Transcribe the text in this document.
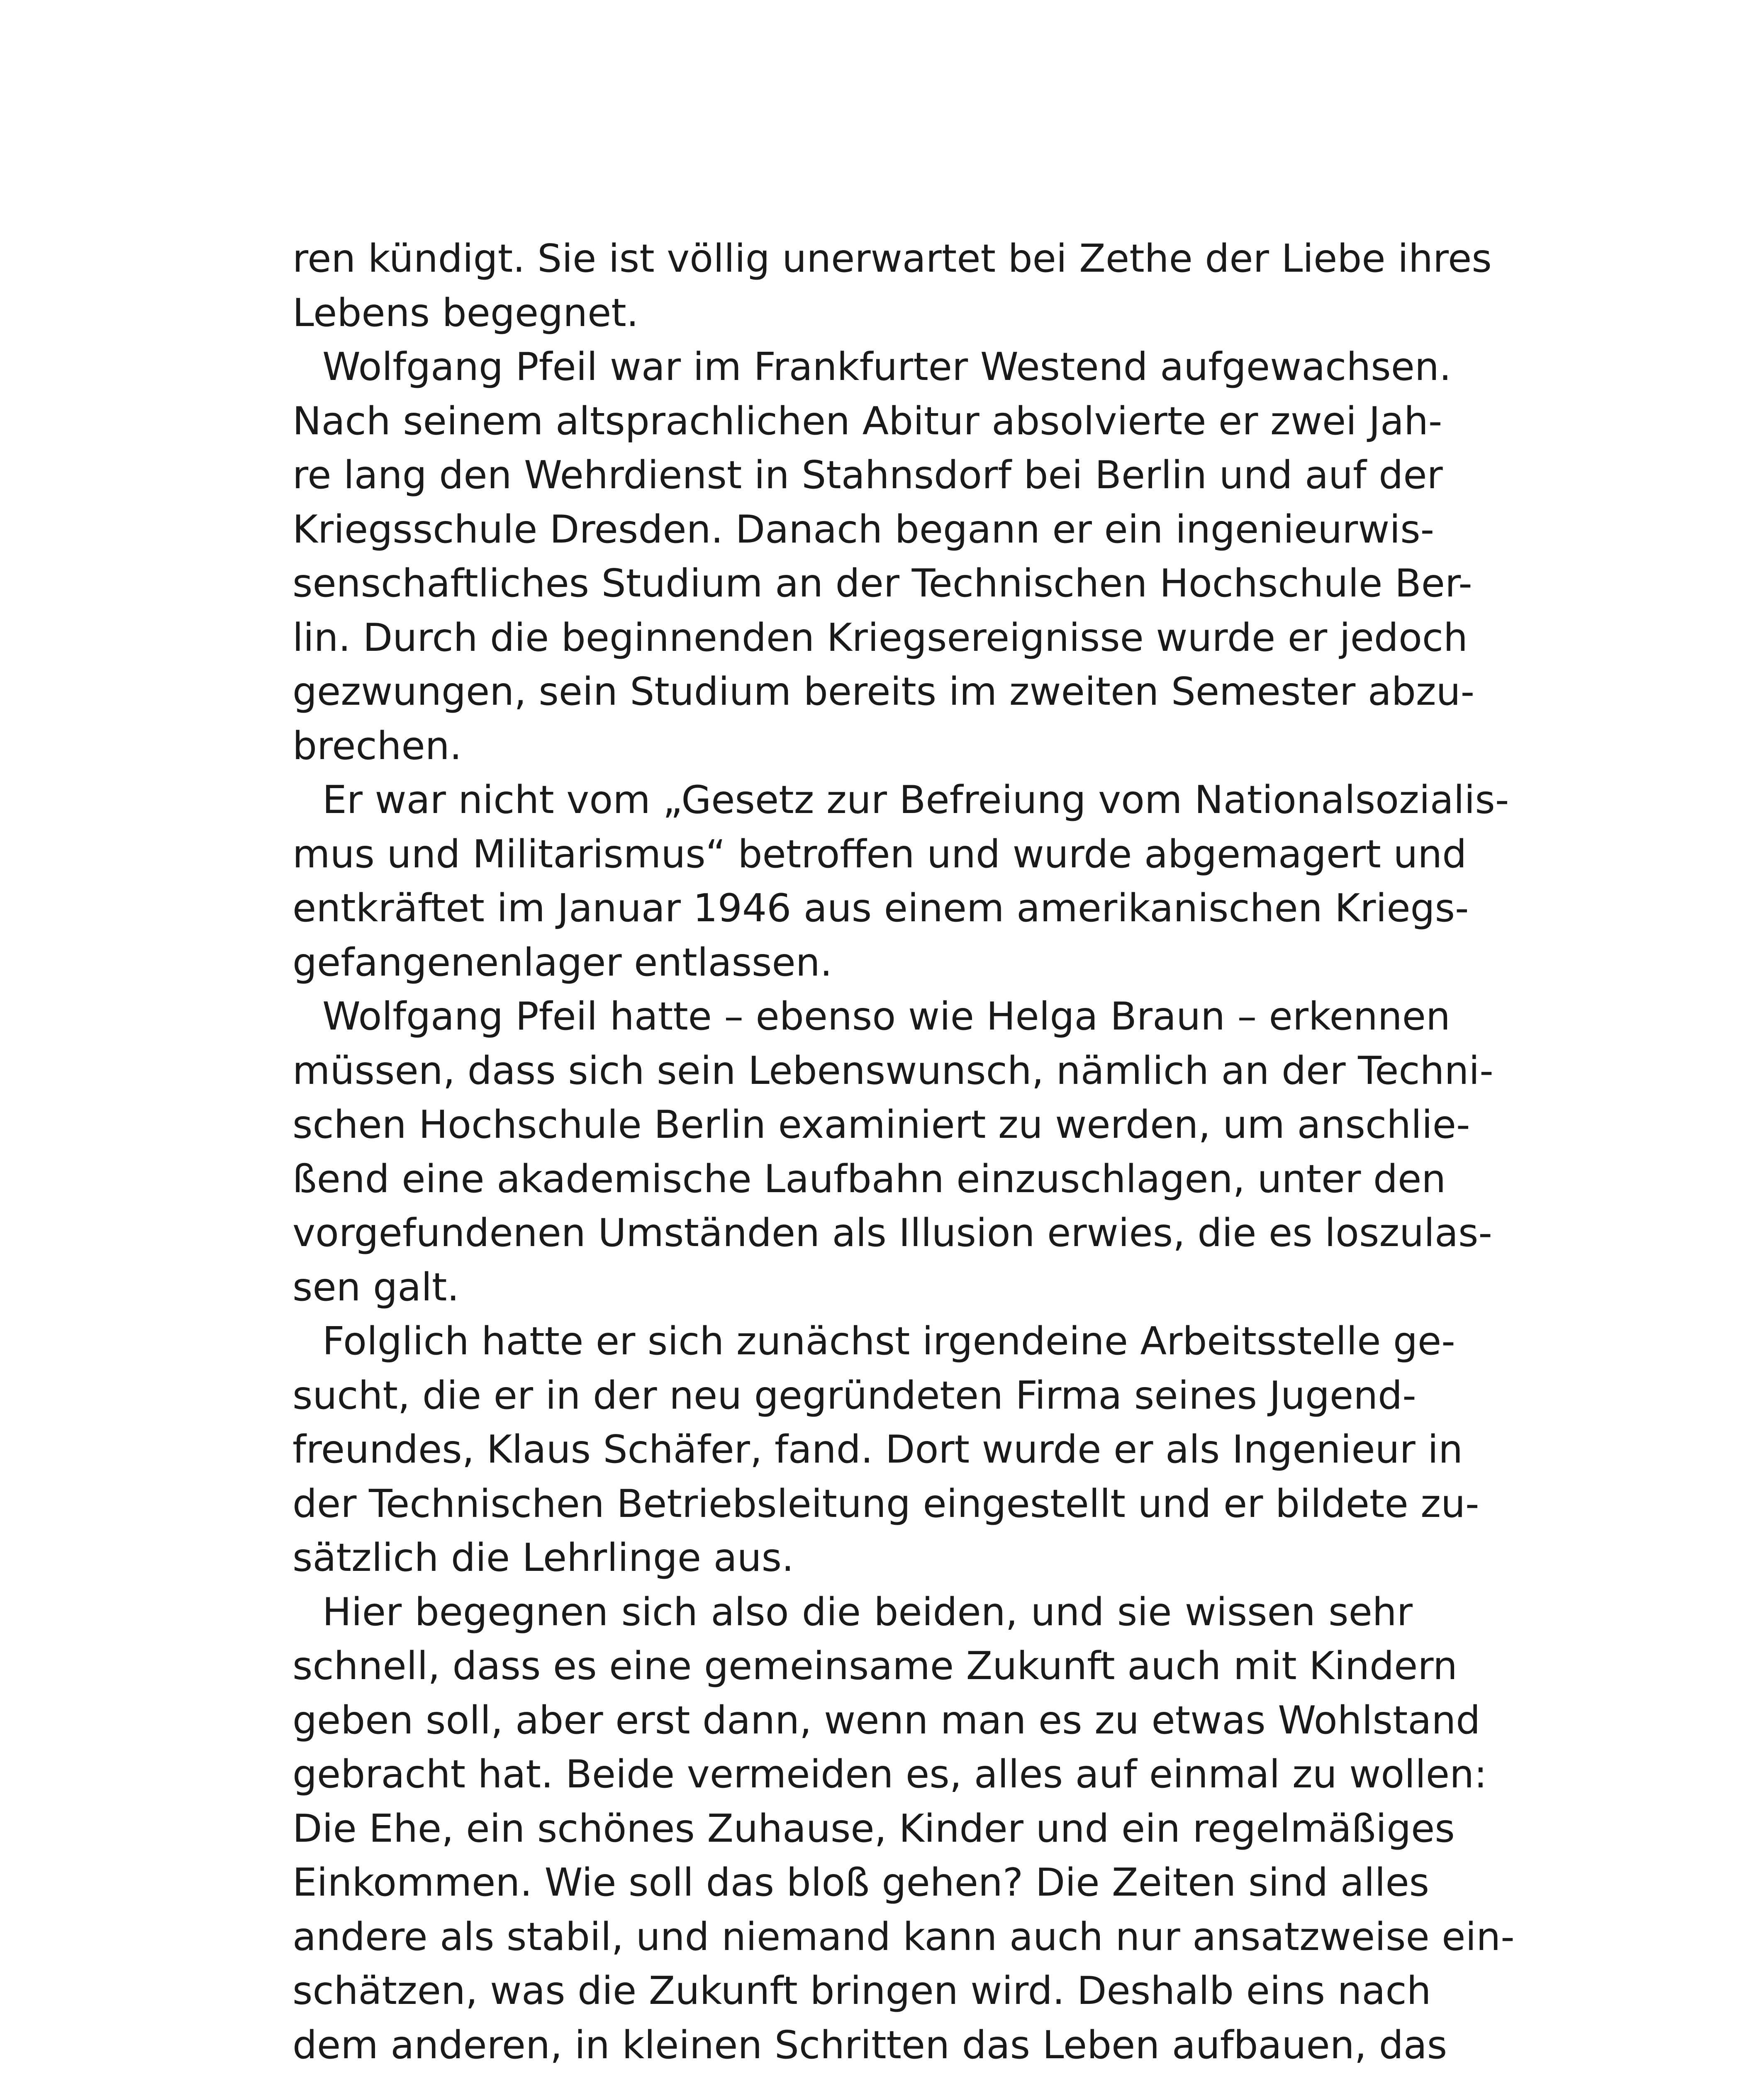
ren kündigt. Sie ist völlig unerwartet bei Zethe der Liebe ihres
Lebens begegnet.
Wolfgang Pfeil war im Frankfurter Westend aufgewachsen.
Nach seinem altsprachlichen Abitur absolvierte er zwei Jah-
re lang den Wehrdienst in Stahnsdorf bei Berlin und auf der
Kriegsschule Dresden. Danach begann er ein ingenieurwis-
senschaftliches Studium an der Technischen Hochschule Ber-
lin. Durch die beginnenden Kriegsereignisse wurde er jedoch
gezwungen, sein Studium bereits im zweiten Semester abzu-
brechen.
Er war nicht vom „Gesetz zur Befreiung vom Nationalsozialis-
mus und Militarismus“ betroffen und wurde abgemagert und
entkräftet im Januar 1946 aus einem amerikanischen Kriegs-
gefangenenlager entlassen.
Wolfgang Pfeil hatte – ebenso wie Helga Braun – erkennen
müssen, dass sich sein Lebenswunsch, nämlich an der Techni-
schen Hochschule Berlin examiniert zu werden, um anschlie-
ßend eine akademische Laufbahn einzuschlagen, unter den
vorgefundenen Umständen als Illusion erwies, die es loszulas-
sen galt.
Folglich hatte er sich zunächst irgendeine Arbeitsstelle ge-
sucht, die er in der neu gegründeten Firma seines Jugend-
freundes, Klaus Schäfer, fand. Dort wurde er als Ingenieur in
der Technischen Betriebsleitung eingestellt und er bildete zu-
sätzlich die Lehrlinge aus.
Hier begegnen sich also die beiden, und sie wissen sehr
schnell, dass es eine gemeinsame Zukunft auch mit Kindern
geben soll, aber erst dann, wenn man es zu etwas Wohlstand
gebracht hat. Beide vermeiden es, alles auf einmal zu wollen:
Die Ehe, ein schönes Zuhause, Kinder und ein regelmäßiges
Einkommen. Wie soll das bloß gehen? Die Zeiten sind alles
andere als stabil, und niemand kann auch nur ansatzweise ein-
schätzen, was die Zukunft bringen wird. Deshalb eins nach
dem anderen, in kleinen Schritten das Leben aufbauen, das
